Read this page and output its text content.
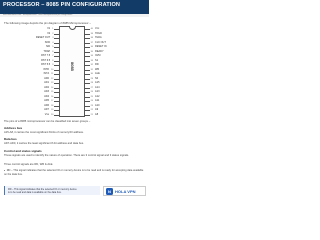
PROCESSOR – 8085 PIN CONFIGURATION
electronicsdesk.com · microprocessor · 8085 microprocessor pin configuration
The following image depicts the pin diagram of 8085 Microprocessor –
8085
X1 1
X2 2
RESET OUT 3
SOD 4
SID 5
TRAP 6
RST 7.5 7
RST 6.5 8
RST 5.5 9
INTR 10
INTA 11
AD0 12
AD1 13
AD2 14
AD3 15
AD4 16
AD5 17
AD6 18
AD7 19
Vss 20
40 Vcc
39 HOLD
38 HLDA
37 CLK OUT
36 RESET IN
35 READY
34 IO/M
33 S1
32 RD
31 WR
30 ALE
29 S0
28 A15
27 A14
26 A13
25 A12
24 A11
23 A10
22 A9
21 A8
The pins of a 8085 microprocessor can be classified into seven groups –
Address bus
A15-A8, it carries the most significant 8-bits of memory/IO address.
Data bus
AD7-AD0, it carries the least significant 8-bit address and data bus.
Control and status signals
These signals are used to identify the nature of operation. There are 3 control signal and 3 status signals.
Three control signals are RD, WR & ALE.
RD – This signal indicates that the selected IO or memory device is to be read and is ready for accepting data available on the data bus.
RD – This signal indicates that the selected IO or memory device
is to be read and data is available on the data bus.	N HOLA VPN
